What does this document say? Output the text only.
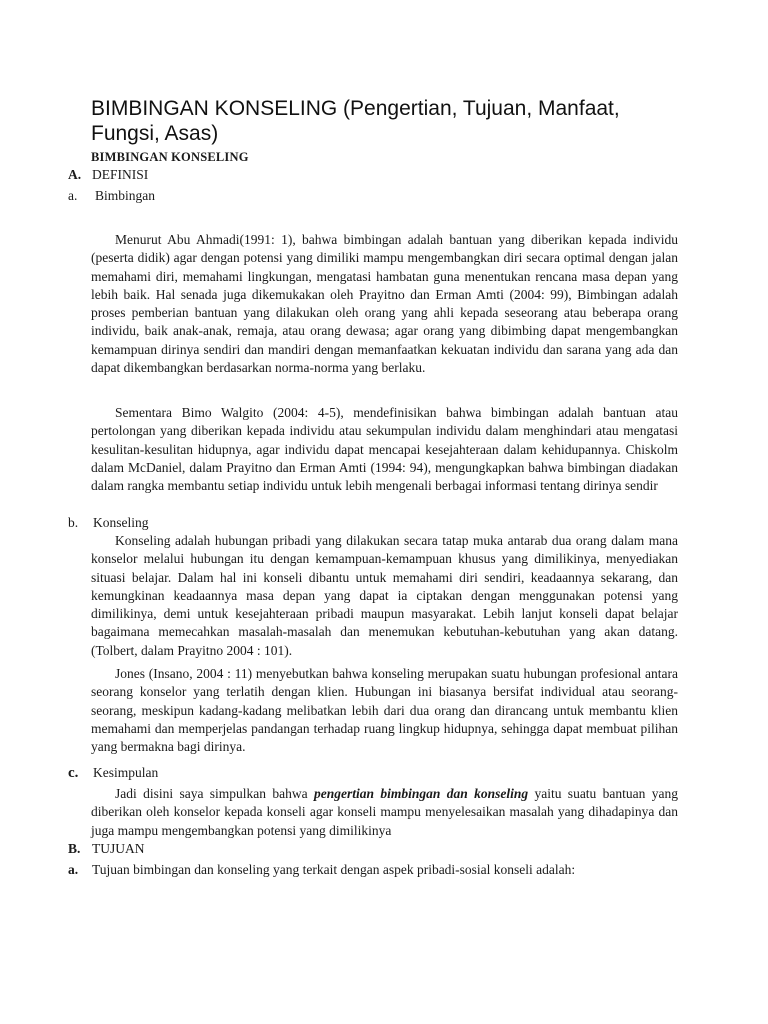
BIMBINGAN KONSELING (Pengertian, Tujuan, Manfaat, Fungsi, Asas)
BIMBINGAN KONSELING
A. DEFINISI
a. Bimbingan

Menurut Abu Ahmadi(1991: 1), bahwa bimbingan adalah bantuan yang diberikan kepada individu (peserta didik) agar dengan potensi yang dimiliki mampu mengembangkan diri secara optimal dengan jalan memahami diri, memahami lingkungan, mengatasi hambatan guna menentukan rencana masa depan yang lebih baik. Hal senada juga dikemukakan oleh Prayitno dan Erman Amti (2004: 99), Bimbingan adalah proses pemberian bantuan yang dilakukan oleh orang yang ahli kepada seseorang atau beberapa orang individu, baik anak-anak, remaja, atau orang dewasa; agar orang yang dibimbing dapat mengembangkan kemampuan dirinya sendiri dan mandiri dengan memanfaatkan kekuatan individu dan sarana yang ada dan dapat dikembangkan berdasarkan norma-norma yang berlaku.

Sementara Bimo Walgito (2004: 4-5), mendefinisikan bahwa bimbingan adalah bantuan atau pertolongan yang diberikan kepada individu atau sekumpulan individu dalam menghindari atau mengatasi kesulitan-kesulitan hidupnya, agar individu dapat mencapai kesejahteraan dalam kehidupannya. Chiskolm dalam McDaniel, dalam Prayitno dan Erman Amti (1994: 94), mengungkapkan bahwa bimbingan diadakan dalam rangka membantu setiap individu untuk lebih mengenali berbagai informasi tentang dirinya sendir

b. Konseling

Konseling adalah hubungan pribadi yang dilakukan secara tatap muka antarab dua orang dalam mana konselor melalui hubungan itu dengan kemampuan-kemampuan khusus yang dimilikinya, menyediakan situasi belajar. Dalam hal ini konseli dibantu untuk memahami diri sendiri, keadaannya sekarang, dan kemungkinan keadaannya masa depan yang dapat ia ciptakan dengan menggunakan potensi yang dimilikinya, demi untuk kesejahteraan pribadi maupun masyarakat. Lebih lanjut konseli dapat belajar bagaimana memecahkan masalah-masalah dan menemukan kebutuhan-kebutuhan yang akan datang. (Tolbert, dalam Prayitno 2004 : 101).

Jones (Insano, 2004 : 11) menyebutkan bahwa konseling merupakan suatu hubungan profesional antara seorang konselor yang terlatih dengan klien. Hubungan ini biasanya bersifat individual atau seorang-seorang, meskipun kadang-kadang melibatkan lebih dari dua orang dan dirancang untuk membantu klien memahami dan memperjelas pandangan terhadap ruang lingkup hidupnya, sehingga dapat membuat pilihan yang bermakna bagi dirinya.

c. Kesimpulan

Jadi disini saya simpulkan bahwa pengertian bimbingan dan konseling yaitu suatu bantuan yang diberikan oleh konselor kepada konseli agar konseli mampu menyelesaikan masalah yang dihadapinya dan juga mampu mengembangkan potensi yang dimilikinya

B. TUJUAN
a. Tujuan bimbingan dan konseling yang terkait dengan aspek pribadi-sosial konseli adalah:
